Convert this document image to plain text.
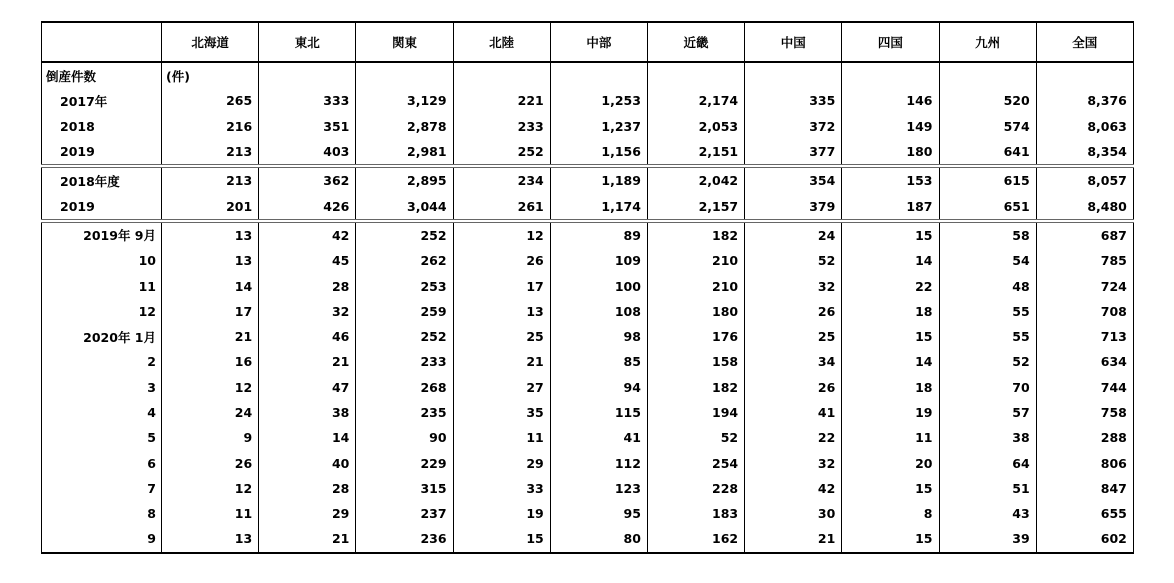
	北海道	東北	関東	北陸	中部	近畿	中国	四国	九州	全国
倒産件数	(件)									
2017年	265	333	3,129	221	1,253	2,174	335	146	520	8,376
2018	216	351	2,878	233	1,237	2,053	372	149	574	8,063
2019	213	403	2,981	252	1,156	2,151	377	180	641	8,354
2018年度	213	362	2,895	234	1,189	2,042	354	153	615	8,057
2019	201	426	3,044	261	1,174	2,157	379	187	651	8,480
2019年 9月	13	42	252	12	89	182	24	15	58	687
10	13	45	262	26	109	210	52	14	54	785
11	14	28	253	17	100	210	32	22	48	724
12	17	32	259	13	108	180	26	18	55	708
2020年 1月	21	46	252	25	98	176	25	15	55	713
2	16	21	233	21	85	158	34	14	52	634
3	12	47	268	27	94	182	26	18	70	744
4	24	38	235	35	115	194	41	19	57	758
5	9	14	90	11	41	52	22	11	38	288
6	26	40	229	29	112	254	32	20	64	806
7	12	28	315	33	123	228	42	15	51	847
8	11	29	237	19	95	183	30	8	43	655
9	13	21	236	15	80	162	21	15	39	602
